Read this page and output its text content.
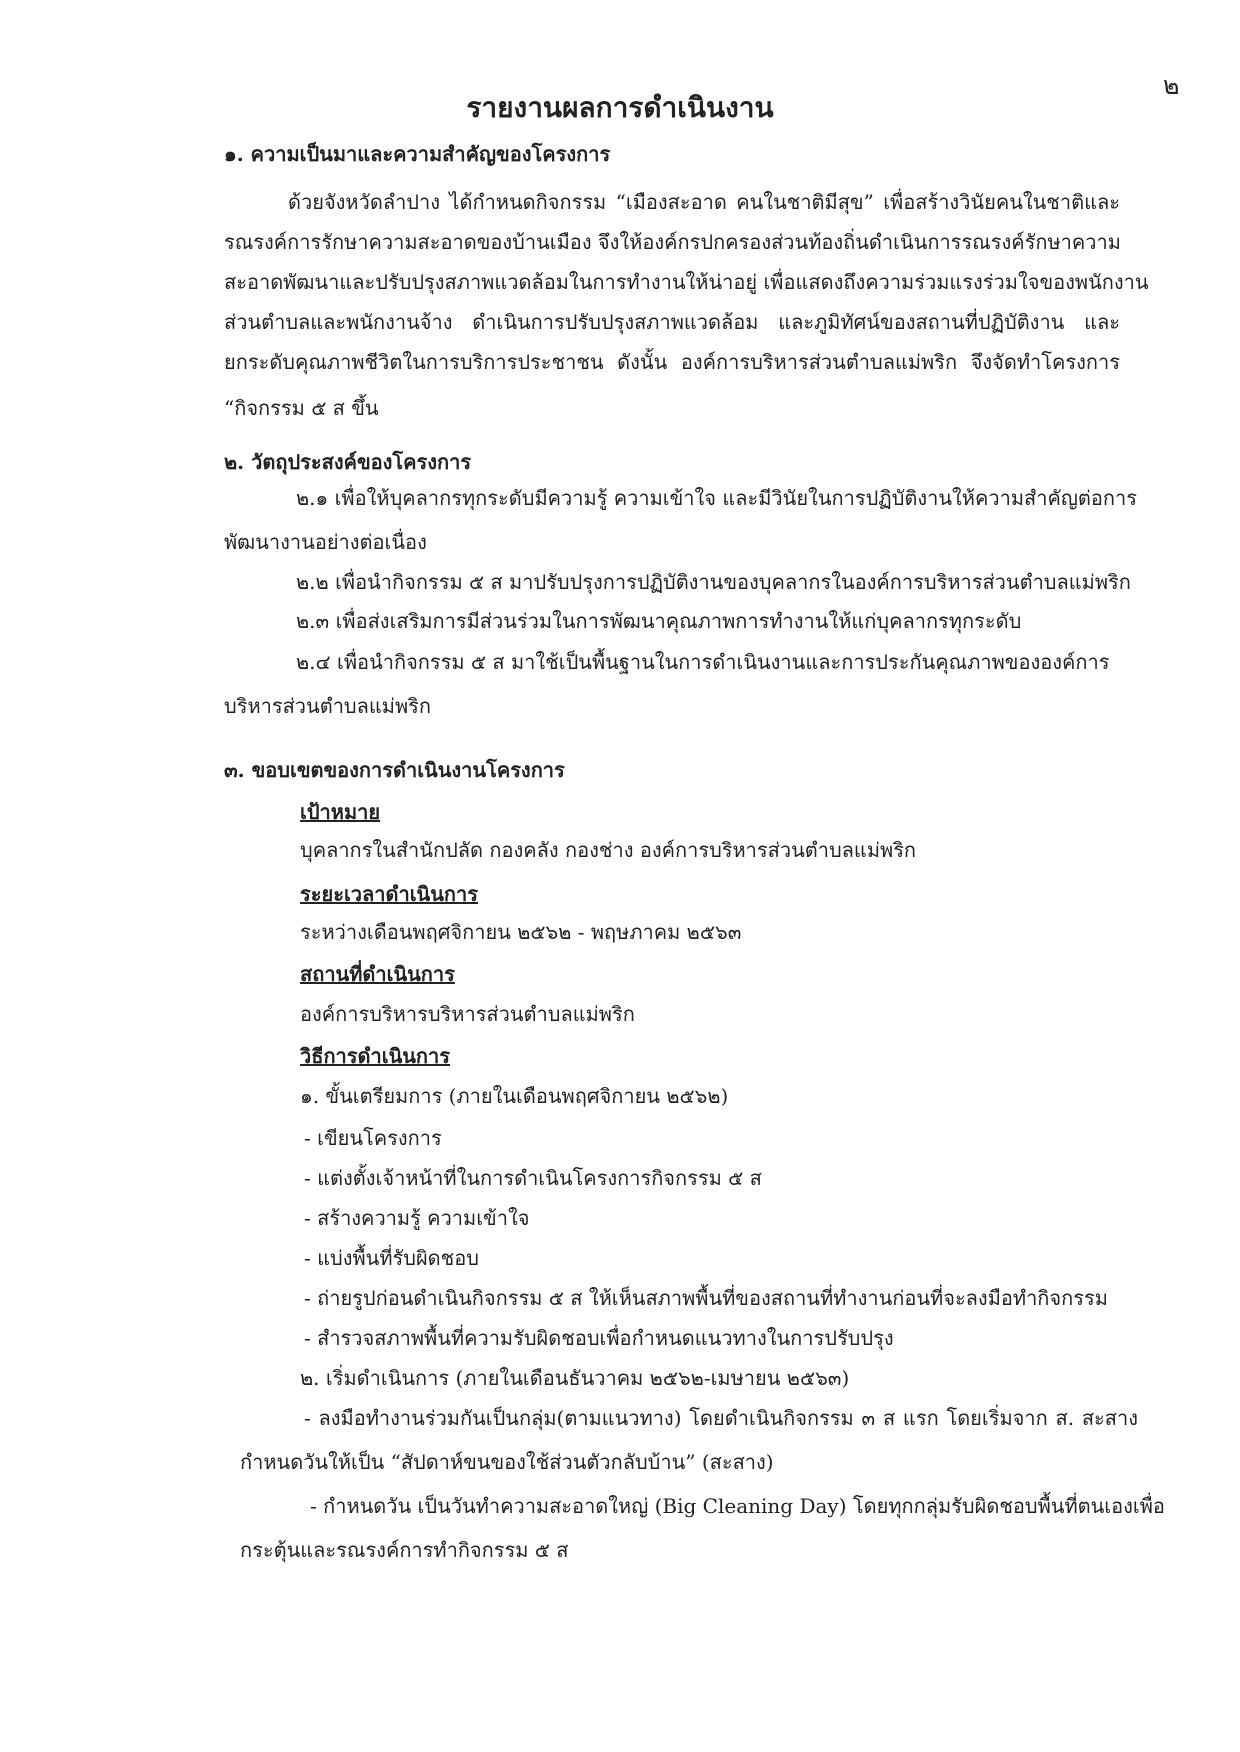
๒
รายงานผลการดำเนินงาน
๑. ความเป็นมาและความสำคัญของโครงการ
ด้วยจังหวัดลำปาง ได้กำหนดกิจกรรม “เมืองสะอาด คนในชาติมีสุข” เพื่อสร้างวินัยคนในชาติและ
รณรงค์การรักษาความสะอาดของบ้านเมือง จึงให้องค์กรปกครองส่วนท้องถิ่นดำเนินการรณรงค์รักษาความ
สะอาดพัฒนาและปรับปรุงสภาพแวดล้อมในการทำงานให้น่าอยู่ เพื่อแสดงถึงความร่วมแรงร่วมใจของพนักงาน
ส่วนตำบลและพนักงานจ้าง ดำเนินการปรับปรุงสภาพแวดล้อม และภูมิทัศน์ของสถานที่ปฏิบัติงาน และ
ยกระดับคุณภาพชีวิตในการบริการประชาชน ดังนั้น องค์การบริหารส่วนตำบลแม่พริก จึงจัดทำโครงการ
“กิจกรรม ๕ ส ขึ้น
๒. วัตถุประสงค์ของโครงการ
๒.๑ เพื่อให้บุคลากรทุกระดับมีความรู้ ความเข้าใจ และมีวินัยในการปฏิบัติงานให้ความสำคัญต่อการ
พัฒนางานอย่างต่อเนื่อง
๒.๒ เพื่อนำกิจกรรม ๕ ส มาปรับปรุงการปฏิบัติงานของบุคลากรในองค์การบริหารส่วนตำบลแม่พริก
๒.๓ เพื่อส่งเสริมการมีส่วนร่วมในการพัฒนาคุณภาพการทำงานให้แก่บุคลากรทุกระดับ
๒.๔ เพื่อนำกิจกรรม ๕ ส มาใช้เป็นพื้นฐานในการดำเนินงานและการประกันคุณภาพขององค์การ
บริหารส่วนตำบลแม่พริก
๓. ขอบเขตของการดำเนินงานโครงการ
เป้าหมาย
บุคลากรในสำนักปลัด กองคลัง กองช่าง องค์การบริหารส่วนตำบลแม่พริก
ระยะเวลาดำเนินการ
ระหว่างเดือนพฤศจิกายน ๒๕๖๒ - พฤษภาคม ๒๕๖๓
สถานที่ดำเนินการ
องค์การบริหารบริหารส่วนตำบลแม่พริก
วิธีการดำเนินการ
๑. ขั้นเตรียมการ (ภายในเดือนพฤศจิกายน ๒๕๖๒)
- เขียนโครงการ
- แต่งตั้งเจ้าหน้าที่ในการดำเนินโครงการกิจกรรม ๕ ส
- สร้างความรู้ ความเข้าใจ
- แบ่งพื้นที่รับผิดชอบ
- ถ่ายรูปก่อนดำเนินกิจกรรม ๕ ส ให้เห็นสภาพพื้นที่ของสถานที่ทำงานก่อนที่จะลงมือทำกิจกรรม
- สำรวจสภาพพื้นที่ความรับผิดชอบเพื่อกำหนดแนวทางในการปรับปรุง
๒. เริ่มดำเนินการ (ภายในเดือนธันวาคม ๒๕๖๒-เมษายน ๒๕๖๓)
- ลงมือทำงานร่วมกันเป็นกลุ่ม(ตามแนวทาง) โดยดำเนินกิจกรรม ๓ ส แรก โดยเริ่มจาก ส. สะสาง
กำหนดวันให้เป็น “สัปดาห์ขนของใช้ส่วนตัวกลับบ้าน” (สะสาง)
- กำหนดวัน เป็นวันทำความสะอาดใหญ่ (Big Cleaning Day) โดยทุกกลุ่มรับผิดชอบพื้นที่ตนเองเพื่อ
กระตุ้นและรณรงค์การทำกิจกรรม ๕ ส
